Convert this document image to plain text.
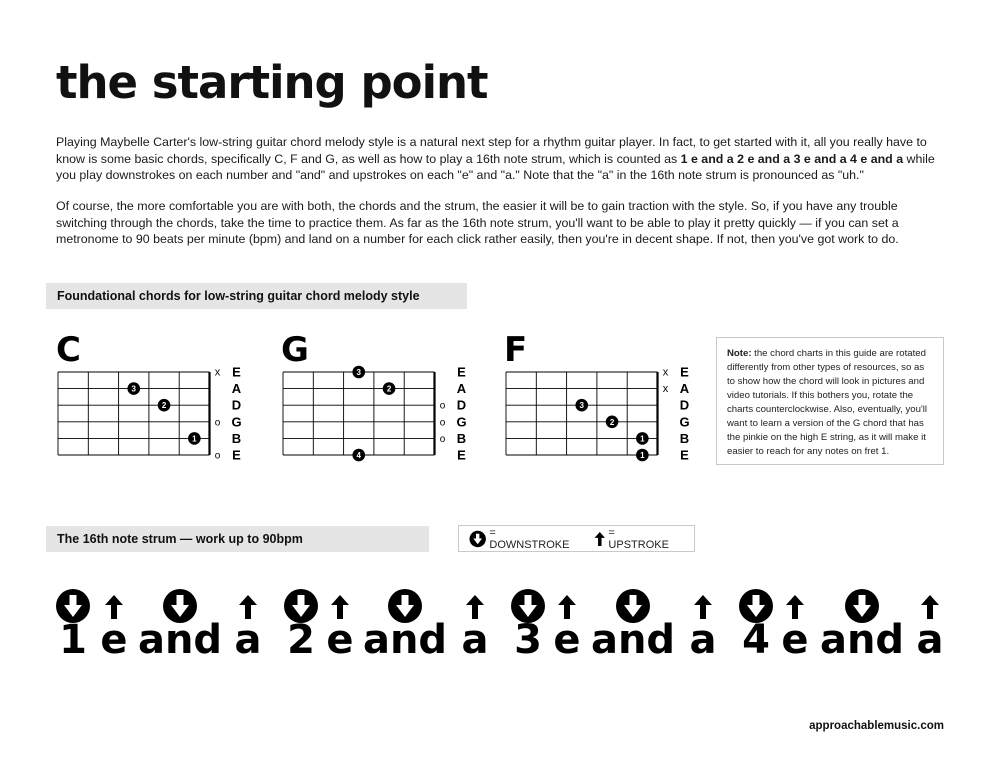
the starting point

Playing Maybelle Carter's low-string guitar chord melody style is a natural next step for a rhythm guitar player. In fact, to get started with it, all you really have to know is some basic chords, specifically C, F and G, as well as how to play a 16th note strum, which is counted as 1 e and a 2 e and a 3 e and a 4 e and a while you play downstrokes on each number and "and" and upstrokes on each "e" and "a." Note that the "a" in the 16th note strum is pronounced as "uh."

Of course, the more comfortable you are with both, the chords and the strum, the easier it will be to gain traction with the style. So, if you have any trouble switching through the chords, take the time to practice them. As far as the 16th note strum, you'll want to be able to play it pretty quickly — if you can set a metronome to 90 beats per minute (bpm) and land on a number for each click rather easily, then you're in decent shape. If not, then you've got work to do.

Foundational chords for low-string guitar chord melody style
C
3
2
1
x
o
o
E
A
D
G
B
E
G
3
2
4
o
o
o
E
A
D
G
B
E
F
3
2
1
1
x
x
E
A
D
G
B
E
Note: the chord charts in this guide are rotated differently from other types of resources, so as to show how the chord will look in pictures and video tutorials. If this bothers you, rotate the charts counterclockwise. Also, eventually, you'll want to learn a version of the G chord that has the pinkie on the high E string, as it will make it easier to reach for any notes on fret 1.
The 16th note strum — work up to 90bpm	= DOWNSTROKE
= UPSTROKE
1 e and a 2 e and a 3 e and a 4 e and a
approachablemusic.com
